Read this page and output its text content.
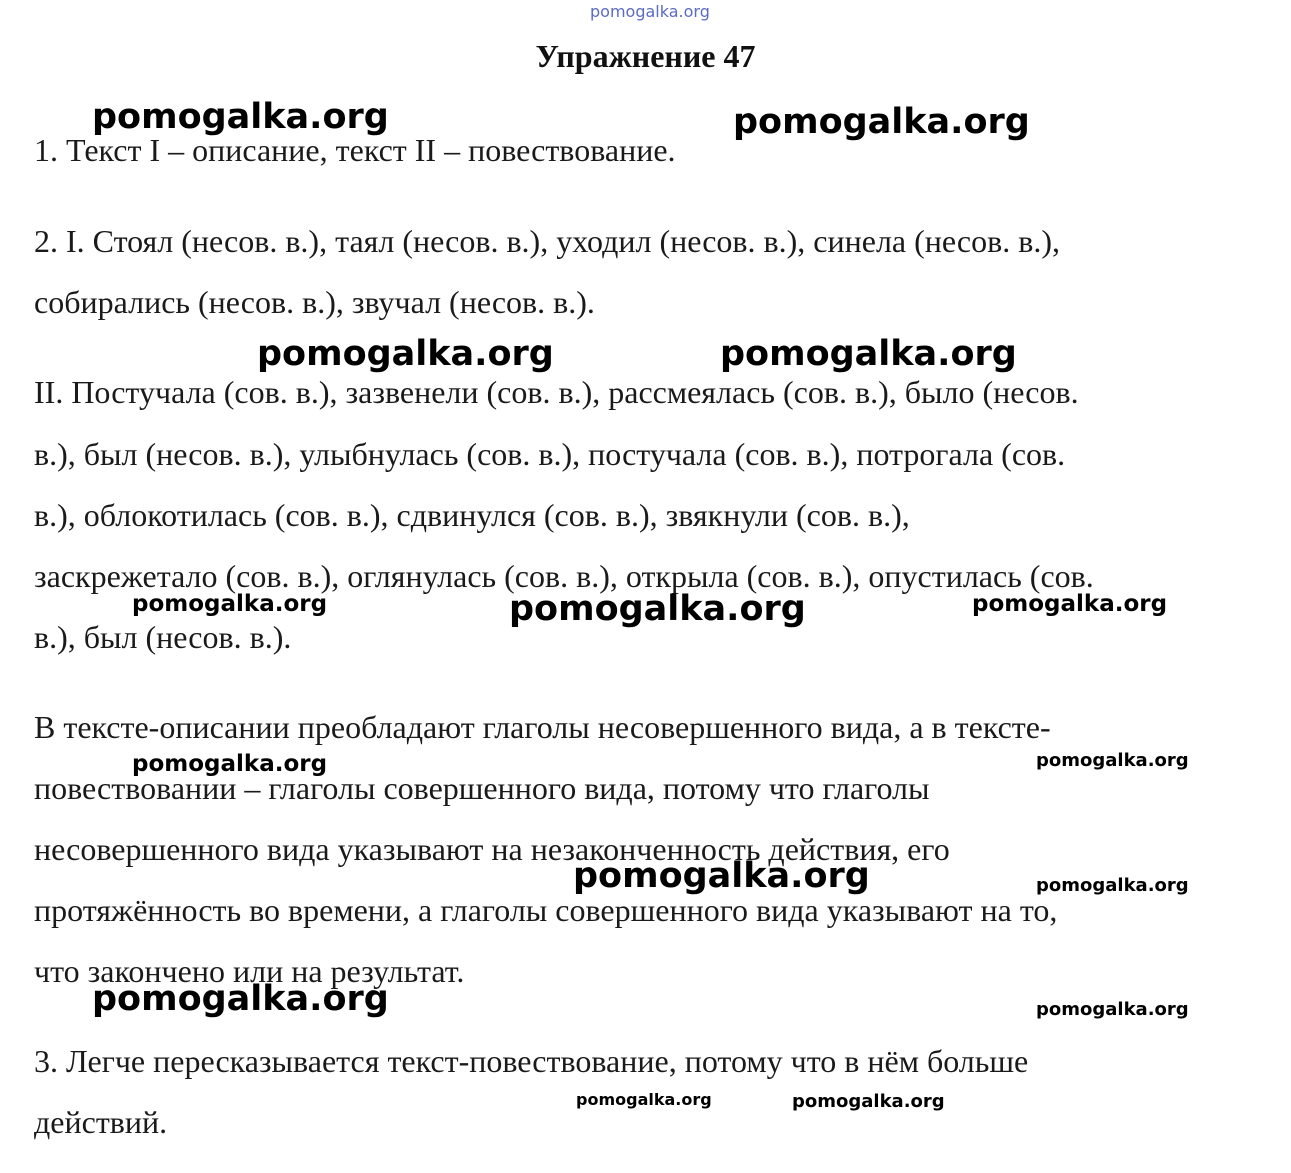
pomogalka.org
Упражнение 47
1. Текст I – описание, текст II – повествование.
2. I. Стоял (несов. в.), таял (несов. в.), уходил (несов. в.), синела (несов. в.),
собирались (несов. в.), звучал (несов. в.).
II. Постучала (сов. в.), зазвенели (сов. в.), рассмеялась (сов. в.), было (несов.
в.), был (несов. в.), улыбнулась (сов. в.), постучала (сов. в.), потрогала (сов.
в.), облокотилась (сов. в.), сдвинулся (сов. в.), звякнули (сов. в.),
заскрежетало (сов. в.), оглянулась (сов. в.), открыла (сов. в.), опустилась (сов.
в.), был (несов. в.).
В тексте-описании преобладают глаголы несовершенного вида, а в тексте-
повествовании – глаголы совершенного вида, потому что глаголы
несовершенного вида указывают на незаконченность действия, его
протяжённость во времени, а глаголы совершенного вида указывают на то,
что закончено или на результат.
3. Легче пересказывается текст-повествование, потому что в нём больше
действий.
pomogalka.org	pomogalka.org
pomogalka.org	pomogalka.org
pomogalka.org	pomogalka.org	pomogalka.org
pomogalka.org	pomogalka.org
pomogalka.org	pomogalka.org
pomogalka.org	pomogalka.org
pomogalka.org	pomogalka.org
